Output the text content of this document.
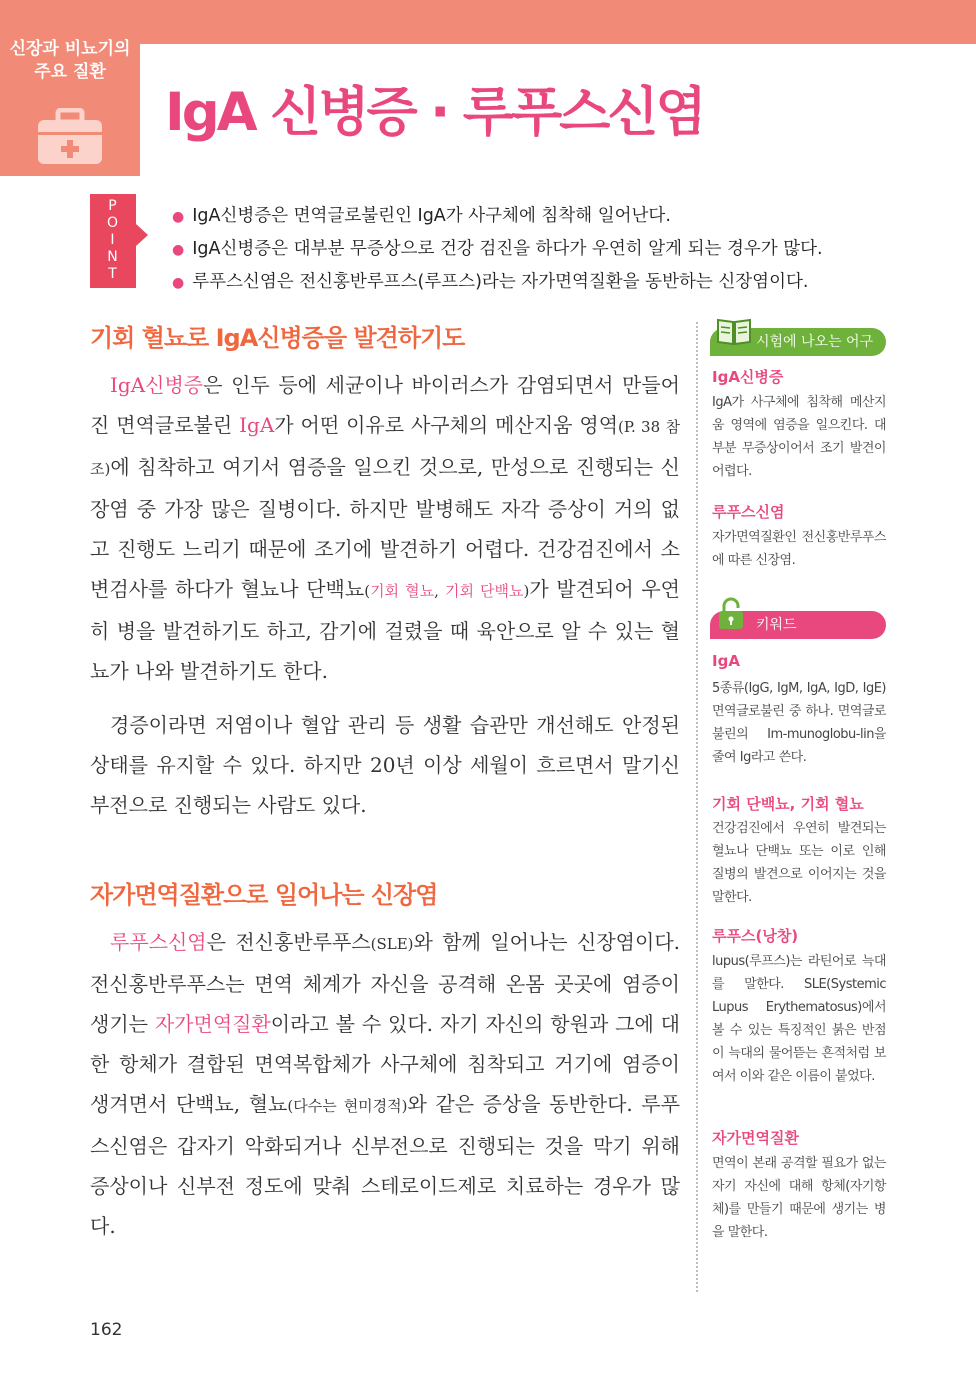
신장과 비뇨기의
주요 질환
IgA 신병증 · 루푸스신염
P
O
I
N
T
● IgA신병증은 면역글로불린인 IgA가 사구체에 침착해 일어난다.
● IgA신병증은 대부분 무증상으로 건강 검진을 하다가 우연히 알게 되는 경우가 많다.
● 루푸스신염은 전신홍반루프스(루프스)라는 자가면역질환을 동반하는 신장염이다.
기회 혈뇨로 IgA신병증을 발견하기도

IgA신병증은 인두 등에 세균이나 바이러스가 감염되면서 만들어진 면역글로불린 IgA가 어떤 이유로 사구체의 메산지움 영역(P. 38 참조)에 침착하고 여기서 염증을 일으킨 것으로, 만성으로 진행되는 신장염 중 가장 많은 질병이다. 하지만 발병해도 자각 증상이 거의 없고 진행도 느리기 때문에 조기에 발견하기 어렵다. 건강검진에서 소변검사를 하다가 혈뇨나 단백뇨(기회 혈뇨, 기회 단백뇨)가 발견되어 우연히 병을 발견하기도 하고, 감기에 걸렸을 때 육안으로 알 수 있는 혈뇨가 나와 발견하기도 한다.

경증이라면 저염이나 혈압 관리 등 생활 습관만 개선해도 안정된 상태를 유지할 수 있다. 하지만 20년 이상 세월이 흐르면서 말기신부전으로 진행되는 사람도 있다.

자가면역질환으로 일어나는 신장염

루푸스신염은 전신홍반루푸스(SLE)와 함께 일어나는 신장염이다. 전신홍반루푸스는 면역 체계가 자신을 공격해 온몸 곳곳에 염증이 생기는 자가면역질환이라고 볼 수 있다. 자기 자신의 항원과 그에 대한 항체가 결합된 면역복합체가 사구체에 침착되고 거기에 염증이 생겨면서 단백뇨, 혈뇨(다수는 현미경적)와 같은 증상을 동반한다. 루푸스신염은 갑자기 악화되거나 신부전으로 진행되는 것을 막기 위해 증상이나 신부전 정도에 맞춰 스테로이드제로 치료하는 경우가 많다.

시험에 나오는 어구

IgA신병증

IgA가 사구체에 침착해 메산지움 영역에 염증을 일으킨다. 대부분 무증상이어서 조기 발견이 어렵다.

루푸스신염

자가면역질환인 전신홍반루푸스에 따른 신장염.

키워드

IgA

5종류(IgG, IgM, IgA, IgD, IgE) 면역글로불린 중 하나. 면역글로불린의 Im-munoglobu-lin을 줄여 Ig라고 쓴다.

기회 단백뇨, 기회 혈뇨

건강검진에서 우연히 발견되는 혈뇨나 단백뇨 또는 이로 인해 질병의 발견으로 이어지는 것을 말한다.

루푸스(낭창)

lupus(루프스)는 라틴어로 늑대를 말한다. SLE(Systemic Lupus Erythematosus)에서 볼 수 있는 특징적인 붉은 반점이 늑대의 물어뜯는 흔적처럼 보여서 이와 같은 이름이 붙었다.

자가면역질환

면역이 본래 공격할 필요가 없는 자기 자신에 대해 항체(자기항체)를 만들기 때문에 생기는 병을 말한다.

162
